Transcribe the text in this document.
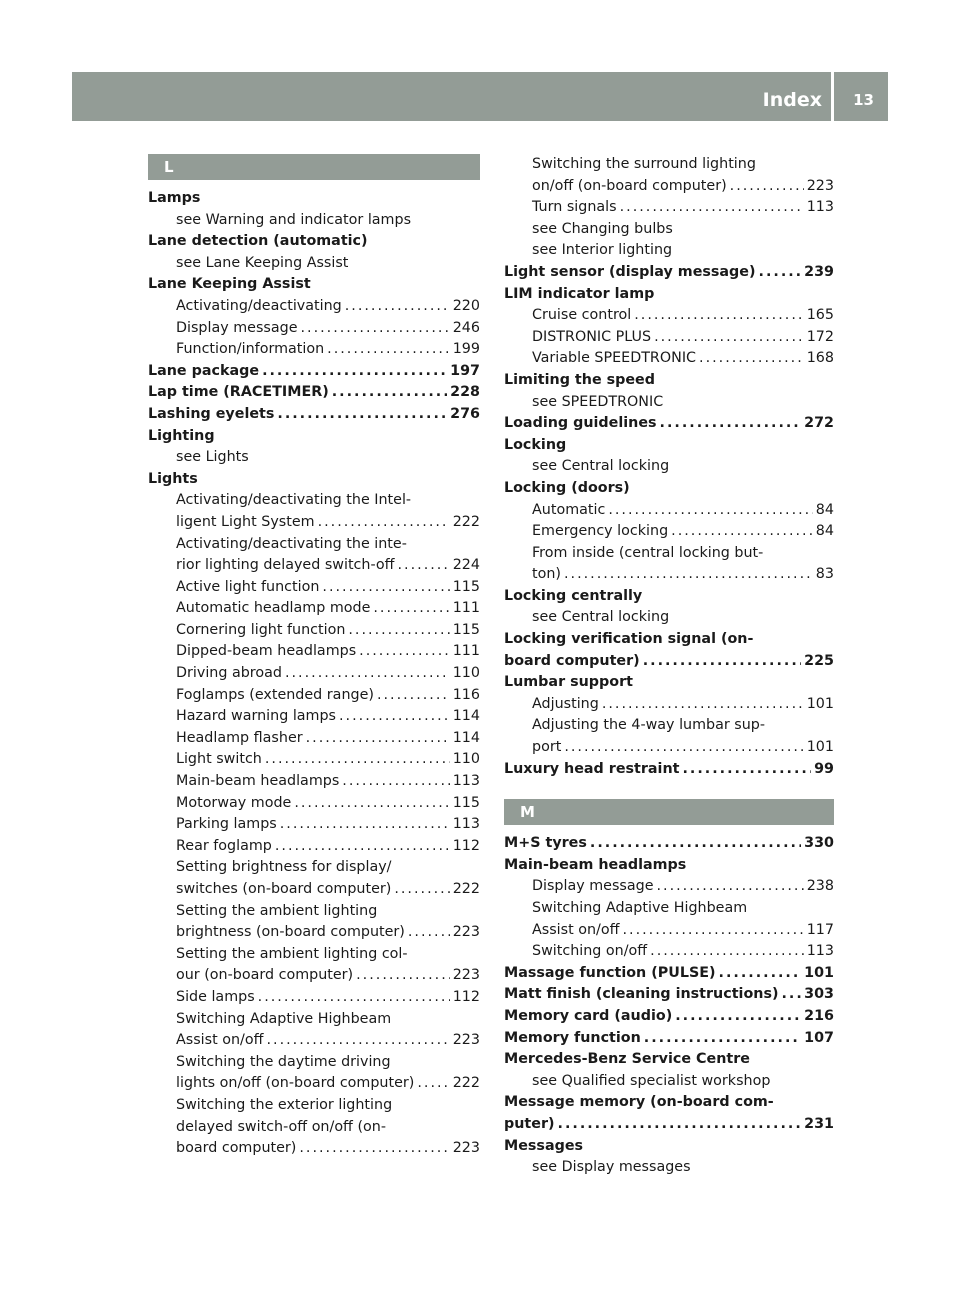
Index 13
L
Lamps
see Warning and indicator lamps
Lane detection (automatic)
see Lane Keeping Assist
Lane Keeping Assist
Activating/deactivating .....	220
Display message .....	246
Function/information .....	199
Lane package .....	197
Lap time (RACETIMER) .....	228
Lashing eyelets .....	276
Lighting
see Lights
Lights
Activating/deactivating the Intel-
ligent Light System .....	222
Activating/deactivating the inte-
rior lighting delayed switch-off .....	224
Active light function .....	115
Automatic headlamp mode .....	111
Cornering light function .....	115
Dipped-beam headlamps .....	111
Driving abroad .....	110
Foglamps (extended range) .....	116
Hazard warning lamps .....	114
Headlamp flasher .....	114
Light switch .....	110
Main-beam headlamps .....	113
Motorway mode .....	115
Parking lamps .....	113
Rear foglamp .....	112
Setting brightness for display/
switches (on-board computer) .....	222
Setting the ambient lighting
brightness (on-board computer) .....	223
Setting the ambient lighting col-
our (on-board computer) .....	223
Side lamps .....	112
Switching Adaptive Highbeam
Assist on/off .....	223
Switching the daytime driving
lights on/off (on-board computer) .....	222
Switching the exterior lighting
delayed switch-off on/off (on-
board computer) .....	223
Switching the surround lighting
on/off (on-board computer) .....	223
Turn signals .....	113
see Changing bulbs
see Interior lighting
Light sensor (display message) .....	239
LIM indicator lamp
Cruise control .....	165
DISTRONIC PLUS .....	172
Variable SPEEDTRONIC .....	168
Limiting the speed
see SPEEDTRONIC
Loading guidelines .....	272
Locking
see Central locking
Locking (doors)
Automatic .....	84
Emergency locking .....	84
From inside (central locking but-
ton) .....	83
Locking centrally
see Central locking
Locking verification signal (on-
board computer) .....	225
Lumbar support
Adjusting .....	101
Adjusting the 4-way lumbar sup-
port .....	101
Luxury head restraint .....	99
M
M+S tyres .....	330
Main-beam headlamps
Display message .....	238
Switching Adaptive Highbeam
Assist on/off .....	117
Switching on/off .....	113
Massage function (PULSE) .....	101
Matt finish (cleaning instructions) ..... 303
Memory card (audio) .....	216
Memory function .....	107
Mercedes-Benz Service Centre
see Qualified specialist workshop
Message memory (on-board com-
puter) .....	231
Messages
see Display messages
